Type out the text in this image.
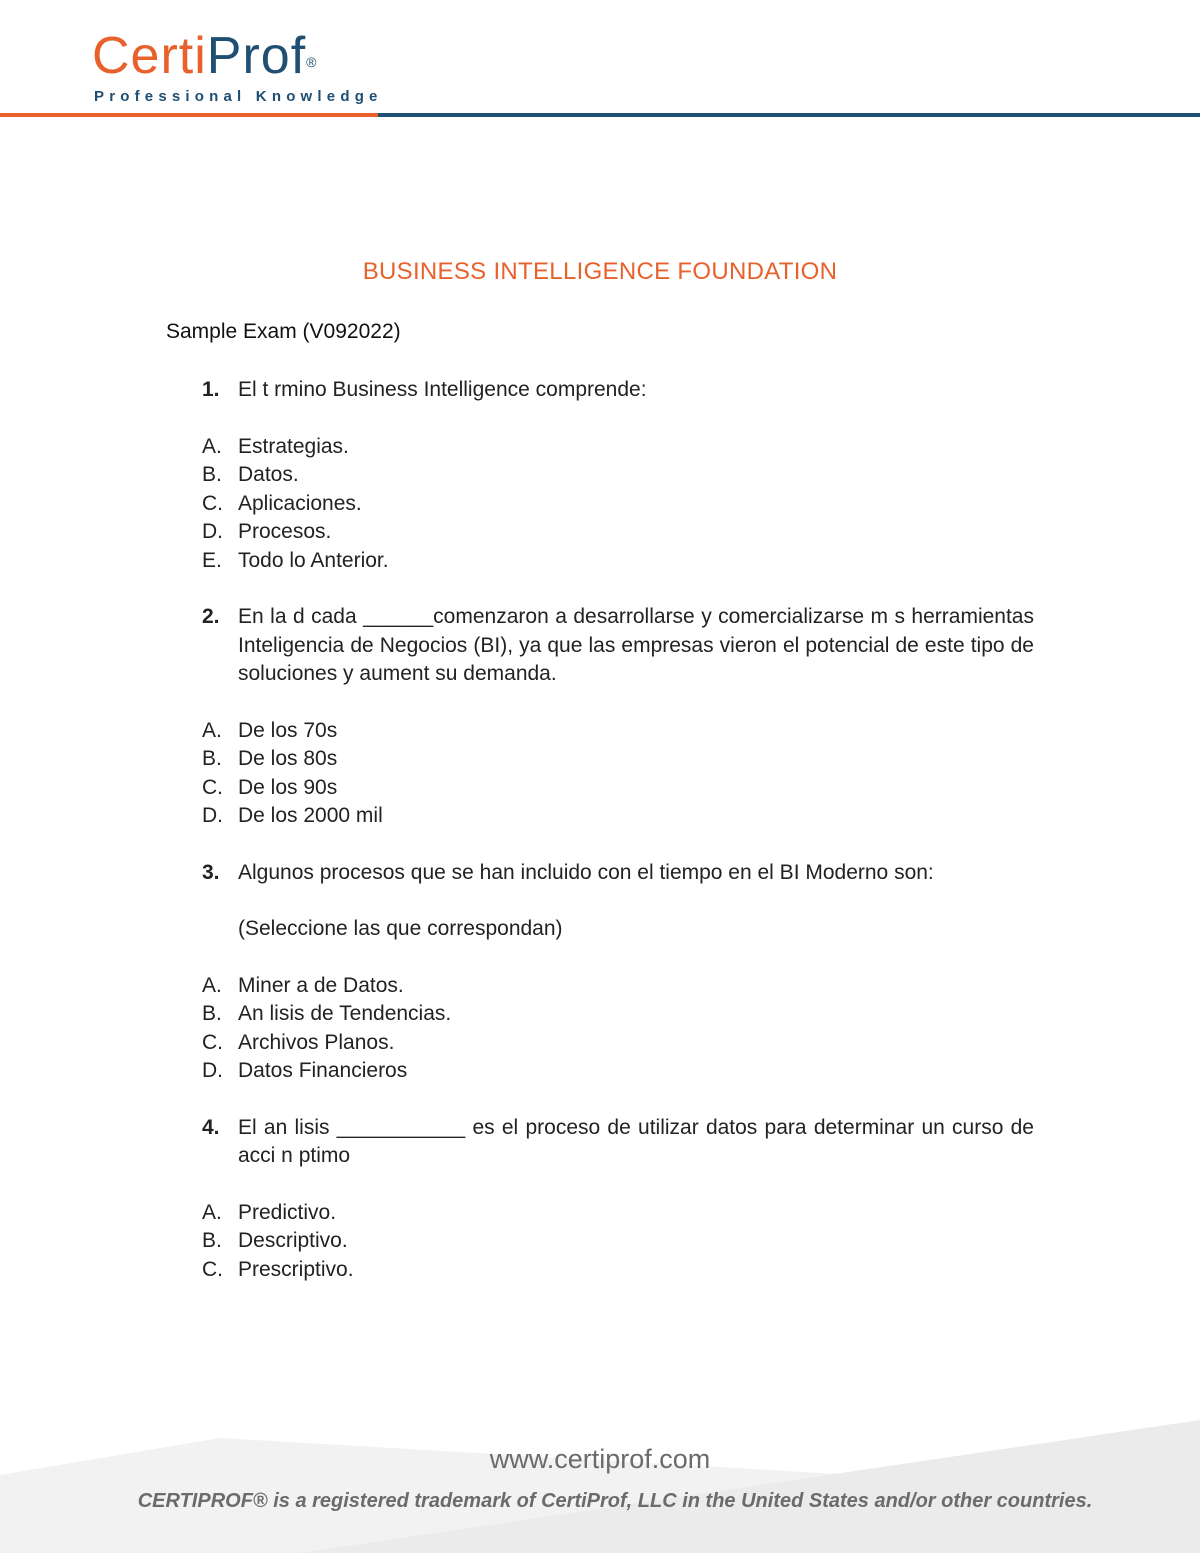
CertiProf®
Professional Knowledge
BUSINESS INTELLIGENCE FOUNDATION
Sample Exam (V092022)
1. El t rmino Business Intelligence comprende:
A. Estrategias.
B. Datos.
C. Aplicaciones.
D. Procesos.
E. Todo lo Anterior.
2. En la d cada ______comenzaron a desarrollarse y comercializarse m s herramientas Inteligencia de Negocios (BI), ya que las empresas vieron el potencial de este tipo de soluciones y aument su demanda.
A. De los 70s
B. De los 80s
C. De los 90s
D. De los 2000 mil
3. Algunos procesos que se han incluido con el tiempo en el BI Moderno son:
(Seleccione las que correspondan)
A. Miner a de Datos.
B. An lisis de Tendencias.
C. Archivos Planos.
D. Datos Financieros
4. El an lisis ___________ es el proceso de utilizar datos para determinar un curso de acci n ptimo
A. Predictivo.
B. Descriptivo.
C. Prescriptivo.
www.certiprof.com
CERTIPROF® is a registered trademark of CertiProf, LLC in the United States and/or other countries.
